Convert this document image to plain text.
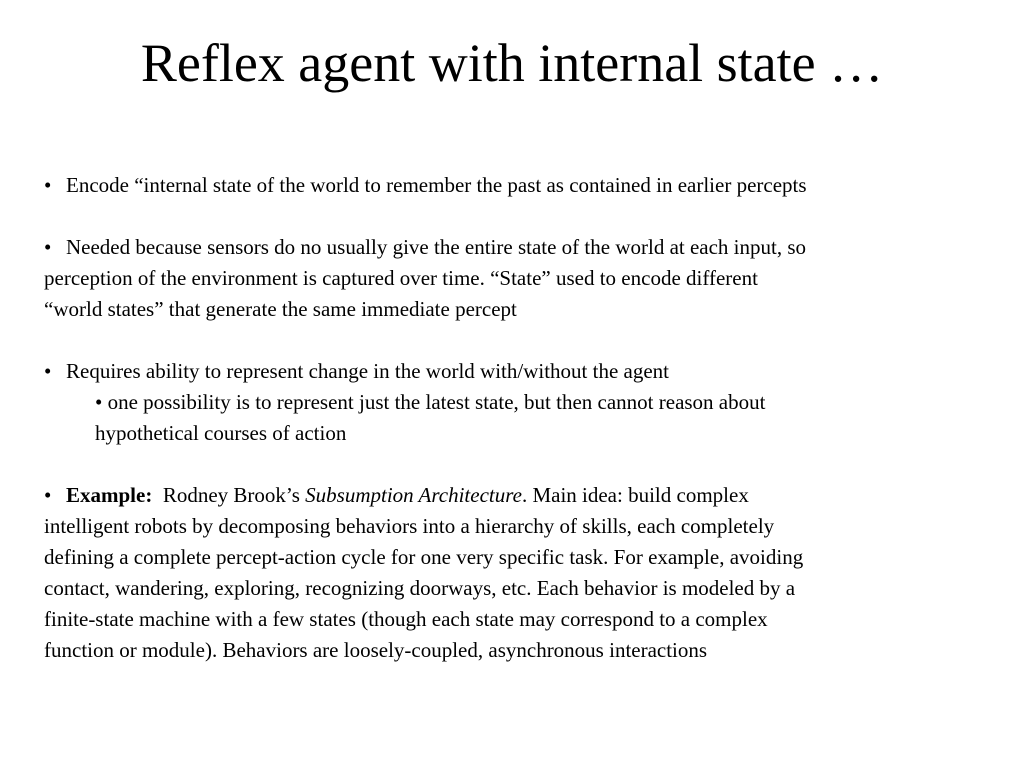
Reflex agent with internal state …
• Encode “internal state of the world to remember the past as contained in earlier percepts
• Needed because sensors do no usually give the entire state of the world at each input, so
perception of the environment is captured over time. “State” used to encode different
“world states” that generate the same immediate percept
• Requires ability to represent change in the world with/without the agent
• one possibility is to represent just the latest state, but then cannot reason about
hypothetical courses of action
• Example: Rodney Brook’s Subsumption Architecture. Main idea: build complex
intelligent robots by decomposing behaviors into a hierarchy of skills, each completely
defining a complete percept-action cycle for one very specific task. For example, avoiding
contact, wandering, exploring, recognizing doorways, etc. Each behavior is modeled by a
finite-state machine with a few states (though each state may correspond to a complex
function or module). Behaviors are loosely-coupled, asynchronous interactions
